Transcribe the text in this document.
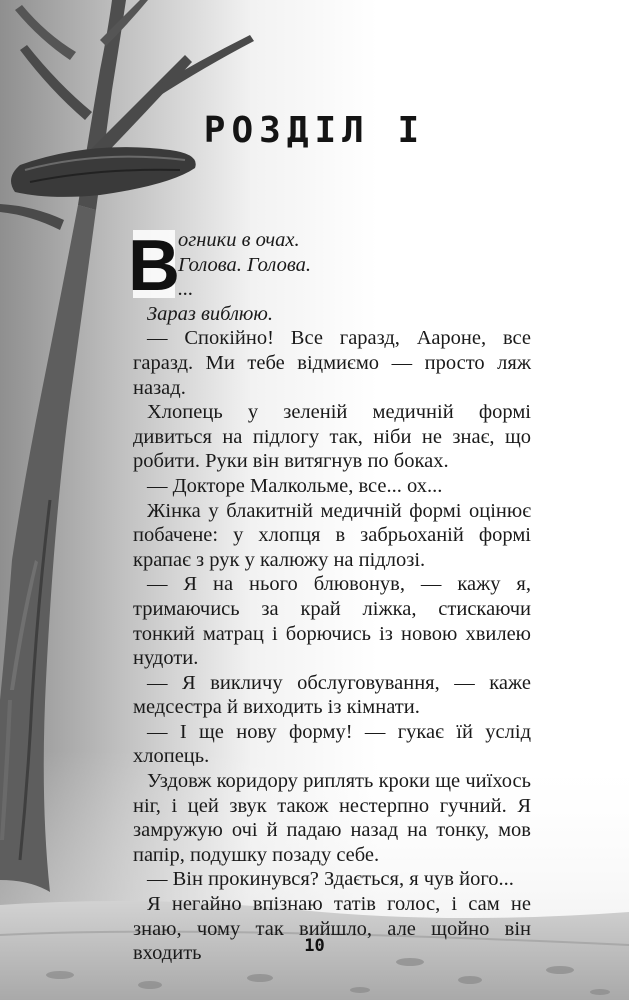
РОЗДІЛ І
В

огники в очах.

Голова. Голова.

...

Зараз виблюю.

— Спокійно! Все гаразд, Аароне, все гаразд. Ми тебе відмиємо — просто ляж назад.

Хлопець у зеленій медичній формі дивиться на підлогу так, ніби не знає, що робити. Руки він витягнув по боках.

— Докторе Малкольме, все... ох...

Жінка у блакитній медичній формі оцінює побачене: у хлопця в забрьоханій формі крапає з рук у калюжу на підлозі.

— Я на нього блювонув, — кажу я, тримаючись за край ліжка, стискаючи тонкий матрац і борючись із новою хвилею нудоти.

— Я викличу обслуговування, — каже медсестра й виходить із кімнати.

— І ще нову форму! — гукає їй услід хлопець.

Уздовж коридору риплять кроки ще чиїхось ніг, і цей звук також нестерпно гучний. Я замружую очі й падаю назад на тонку, мов папір, подушку позаду себе.

— Він прокинувся? Здається, я чув його...

Я негайно впізнаю татів голос, і сам не знаю, чому так вийшло, але щойно він входить	10
